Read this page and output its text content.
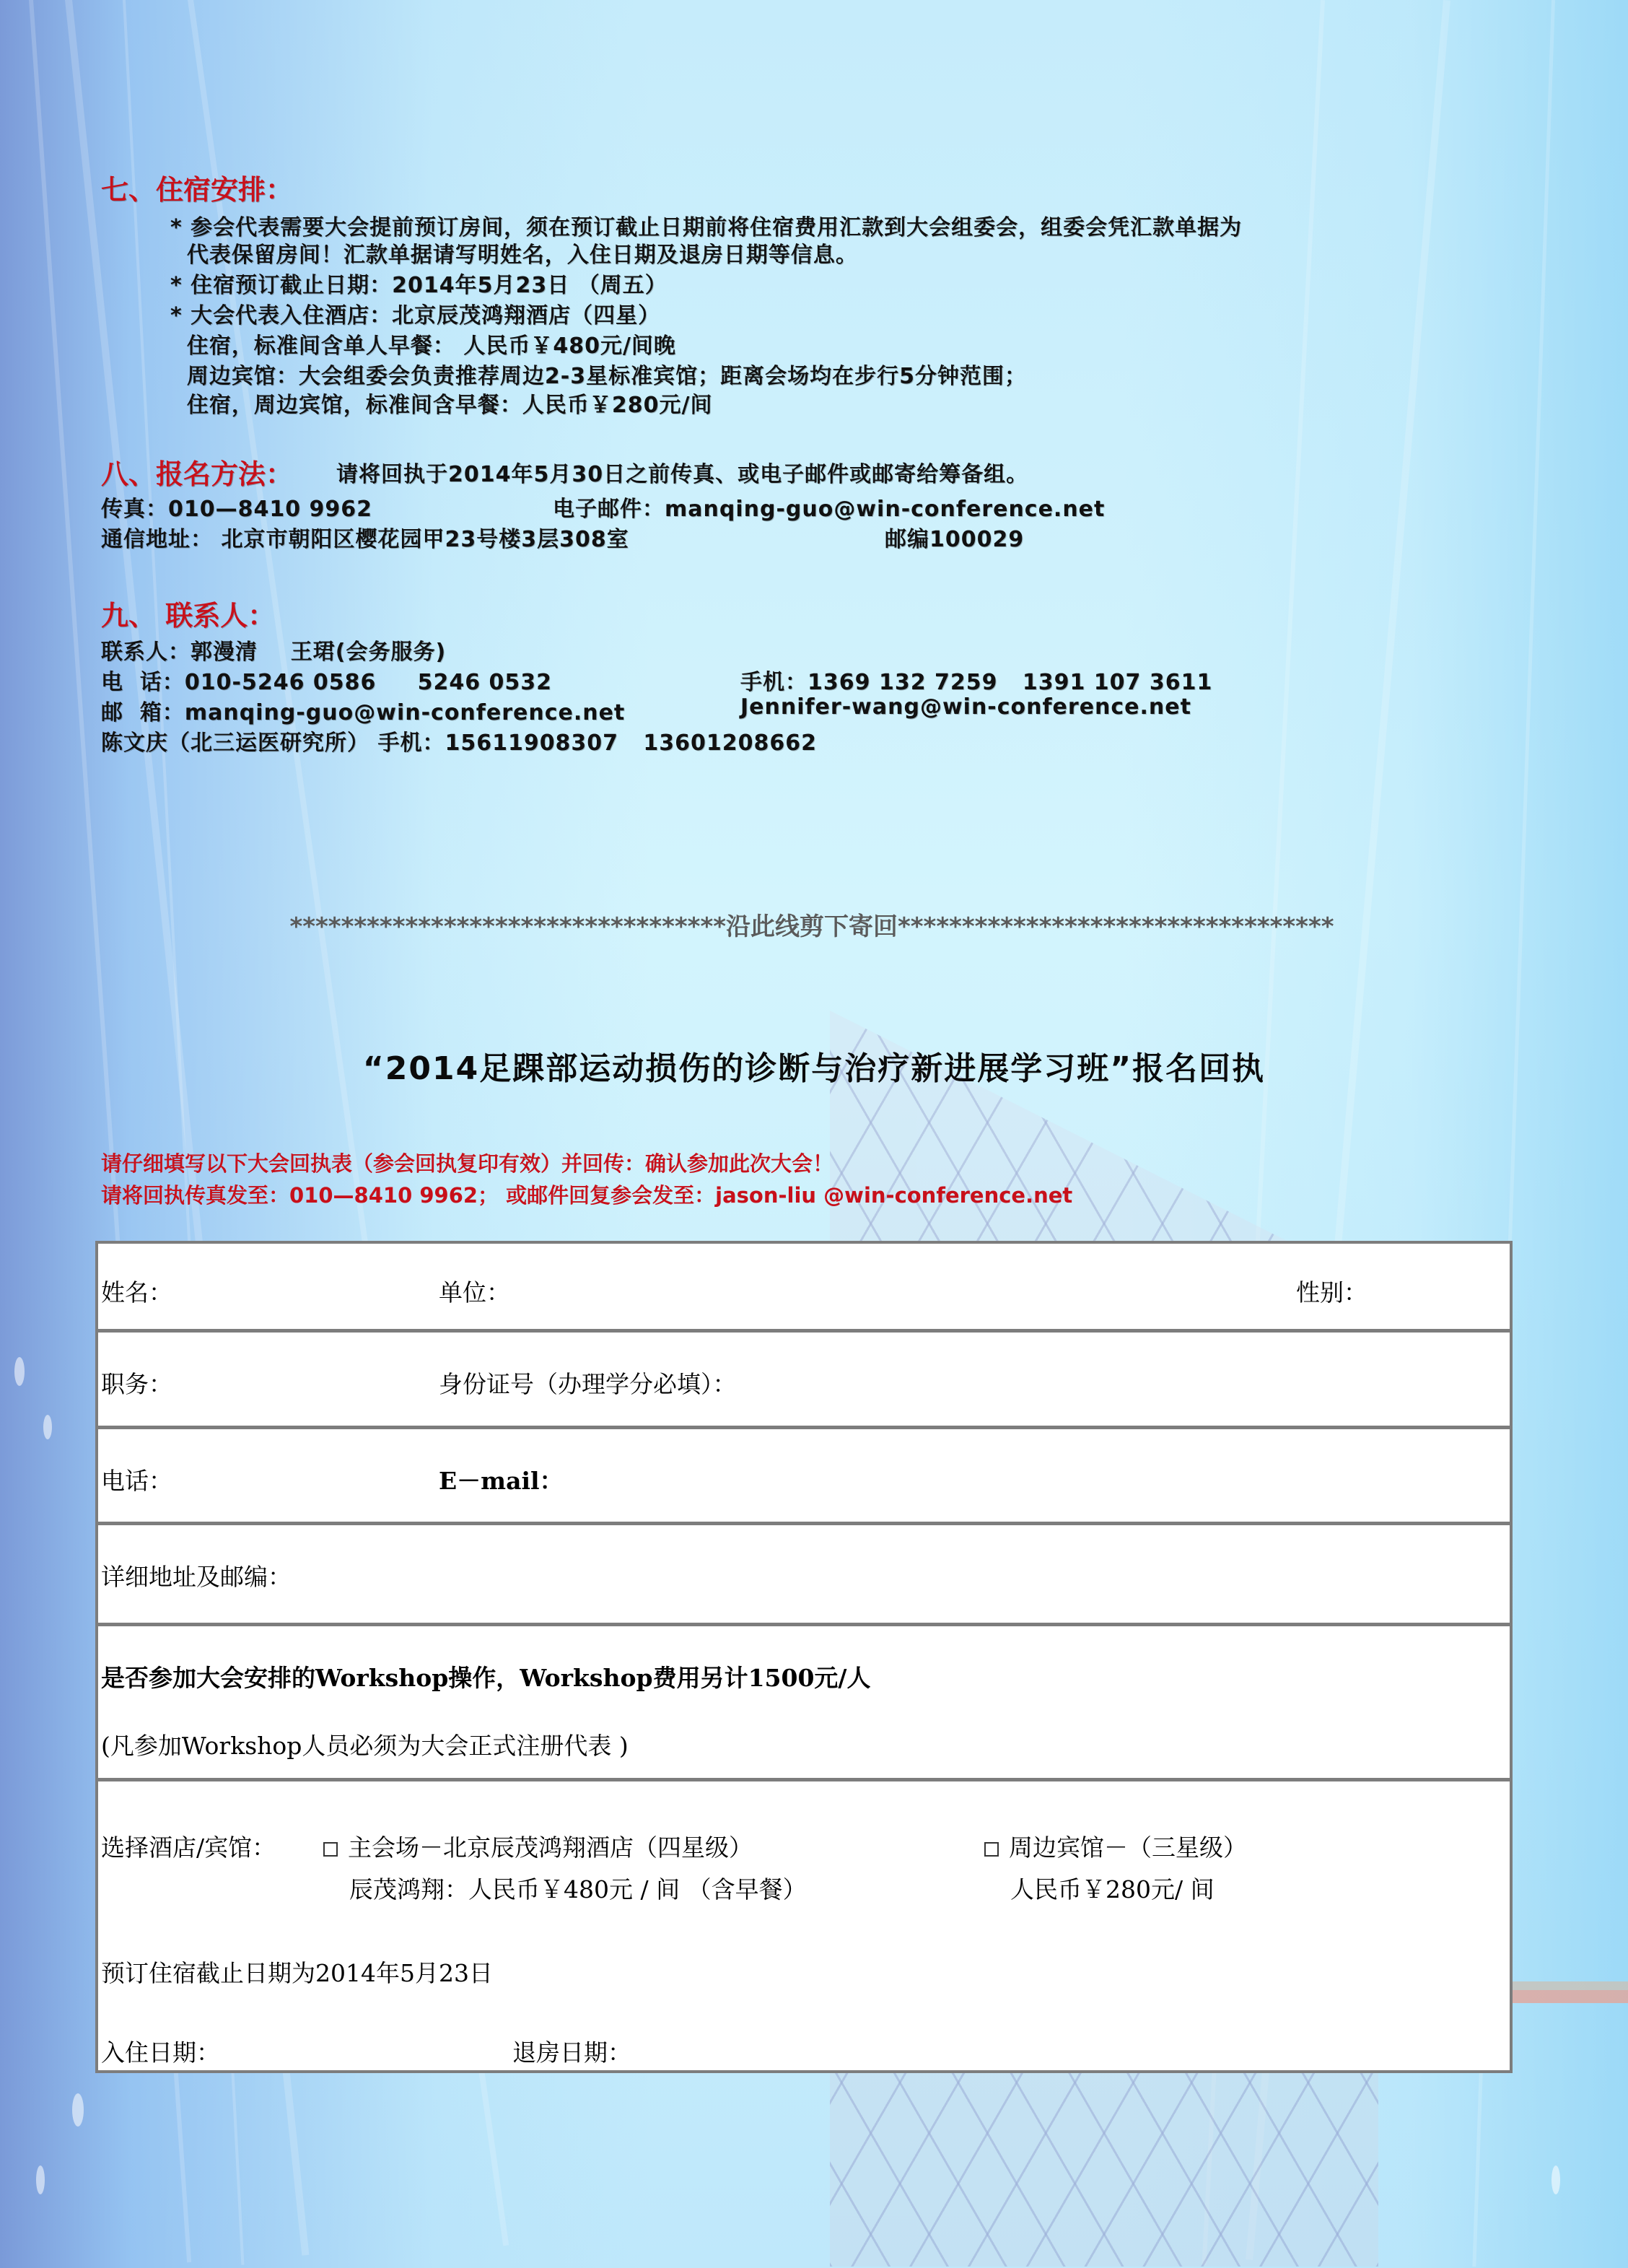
七、住宿安排：
* 参会代表需要大会提前预订房间，须在预订截止日期前将住宿费用汇款到大会组委会，组委会凭汇款单据为
代表保留房间！汇款单据请写明姓名，入住日期及退房日期等信息。
* 住宿预订截止日期：2014年5月23日 （周五）
* 大会代表入住酒店：北京辰茂鸿翔酒店（四星）
住宿，标准间含单人早餐： 人民币￥480元/间晚
周边宾馆：大会组委会负责推荐周边2-3星标准宾馆；距离会场均在步行5分钟范围；
住宿，周边宾馆，标准间含早餐：人民币￥280元/间
八、报名方法： 请将回执于2014年5月30日之前传真、或电子邮件或邮寄给筹备组。
传真：010—8410 9962	电子邮件：manqing-guo@win-conference.net
通信地址： 北京市朝阳区樱花园甲23号楼3层308室	邮编100029
九、 联系人：
联系人：郭漫清    王珺(会务服务)
电  话：010-5246 0586     5246 0532	手机：1369 132 7259   1391 107 3611
邮  箱：manqing-guo@win-conference.net	Jennifer-wang@win-conference.net
陈文庆（北三运医研究所） 手机：15611908307   13601208662
**********************************沿此线剪下寄回**********************************
“2014足踝部运动损伤的诊断与治疗新进展学习班”报名回执
请仔细填写以下大会回执表（参会回执复印有效）并回传：确认参加此次大会！
请将回执传真发至：010—8410 9962； 或邮件回复参会发至：jason-liu @win-conference.net
姓名：	单位：	性别：
职务：	身份证号（办理学分必填）：
电话：	E－mail：
详细地址及邮编：
是否参加大会安排的Workshop操作，Workshop费用另计1500元/人
(凡参加Workshop人员必须为大会正式注册代表 )
选择酒店/宾馆：	主会场－北京辰茂鸿翔酒店（四星级）
辰茂鸿翔：人民币￥480元 / 间 （含早餐）
周边宾馆－（三星级）
人民币￥280元/ 间
预订住宿截止日期为2014年5月23日
入住日期：	退房日期：
